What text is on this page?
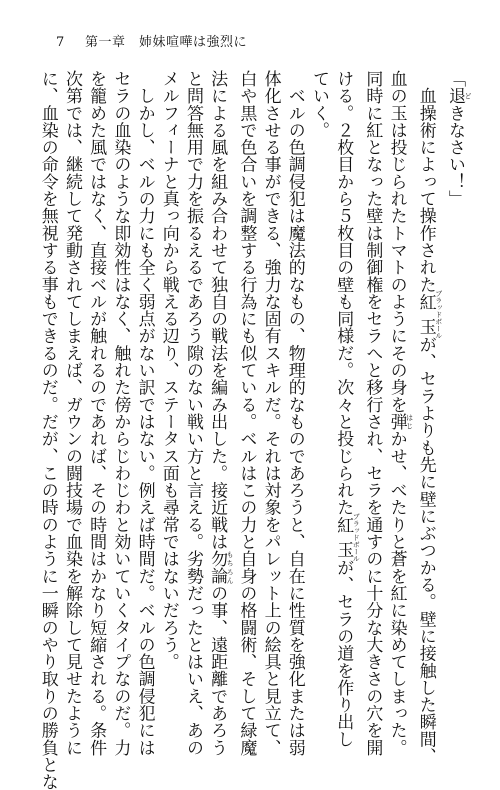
7 第一章　姉妹喧嘩は強烈に
「退 どきなさい！」
　血操術によって操作された紅玉 ブラッドボールが、セラよりも先に壁にぶつかる。壁に接触した瞬間、
血の玉は投じられたトマトのようにその身を弾 はじかせ、べたりと蒼を紅に染めてしまった。
同時に紅となった壁は制御権をセラへと移行され、セラを通すのに十分な大きさの穴を開
ける。２枚目から５枚目の壁も同様だ。次々と投じられた紅玉 ブラッドボールが、セラの道を作り出し
ていく。
　ベルの色調侵犯は魔法的なもの、物理的なものであろうと、自在に性質を強化または弱
体化させる事ができる、強力な固有スキルだ。それは対象をパレット上の絵具と見立て、
白や黒で色合いを調整する行為にも似ている。ベルはこの力と自身の格闘術、そして緑魔
法による風を組み合わせて独自の戦法を編み出した。接近戦は勿論 もちろんの事、遠距離であろう
と問答無用で力を振るえるであろう隙のない戦い方と言える。劣勢だったとはいえ、あの
メルフィーナと真っ向から戦える辺り、ステータス面も尋常ではないだろう。
　しかし、ベルの力にも全く弱点がない訳ではない。例えば時間だ。ベルの色調侵犯には
セラの血染のような即効性はなく、触れた傍からじわじわと効いていくタイプなのだ。力
を籠めた風ではなく、直接ベルが触れるのであれば、その時間はかなり短縮される。条件
次第では、継続して発動されてしまえば、ガウンの闘技場で血染を解除して見せたように
に、血染の命令を無視する事もできるのだ。だが、この時のように一瞬のやり取りの勝負とな
